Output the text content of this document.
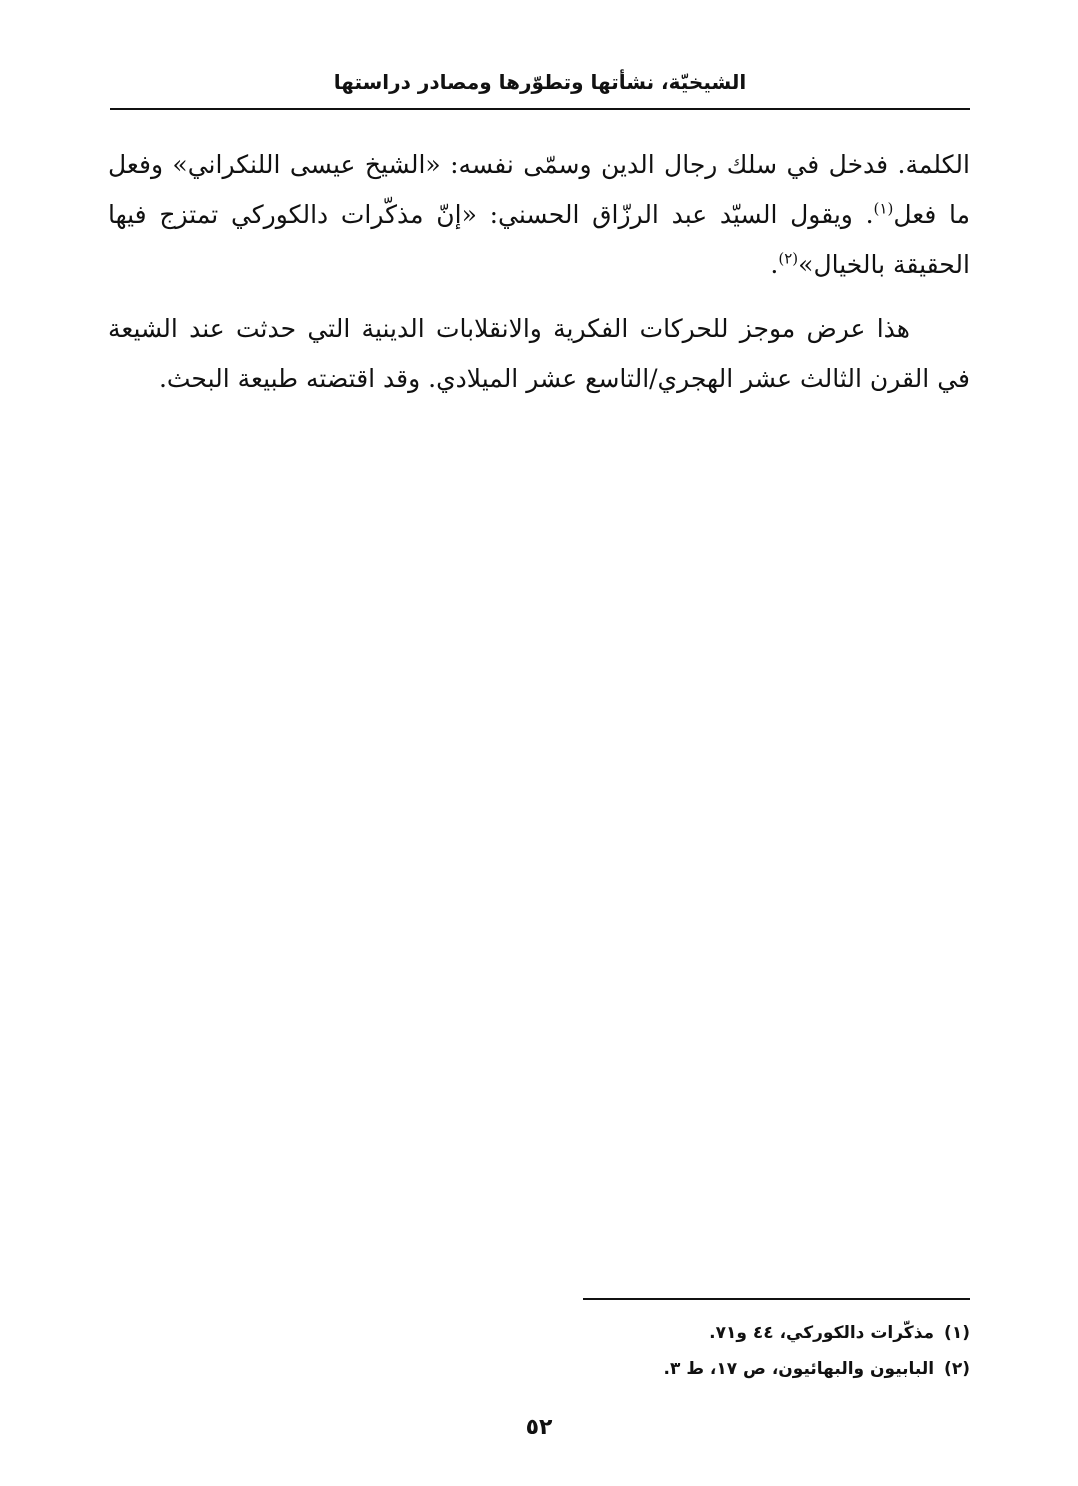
الشيخيّة، نشأتها وتطوّرها ومصادر دراستها

الكلمة. فدخل في سلك رجال الدين وسمّى نفسه: «الشيخ عيسى اللنكراني» وفعل ما فعل$^{(١)}$. ويقول السيّد عبد الرزّاق الحسني: «إنّ مذكّرات دالكوركي تمتزج فيها الحقيقة بالخيال»$^{(٢)}$.

هذا عرض موجز للحركات الفكرية والانقلابات الدينية التي حدثت عند الشيعة في القرن الثالث عشر الهجري/التاسع عشر الميلادي. وقد اقتضته طبيعة البحث.

(١)مذكّرات دالكوركي، ٤٤ و٧١.
(٢)البابيون والبهائيون، ص ١٧، ط ٣.
٥٢
